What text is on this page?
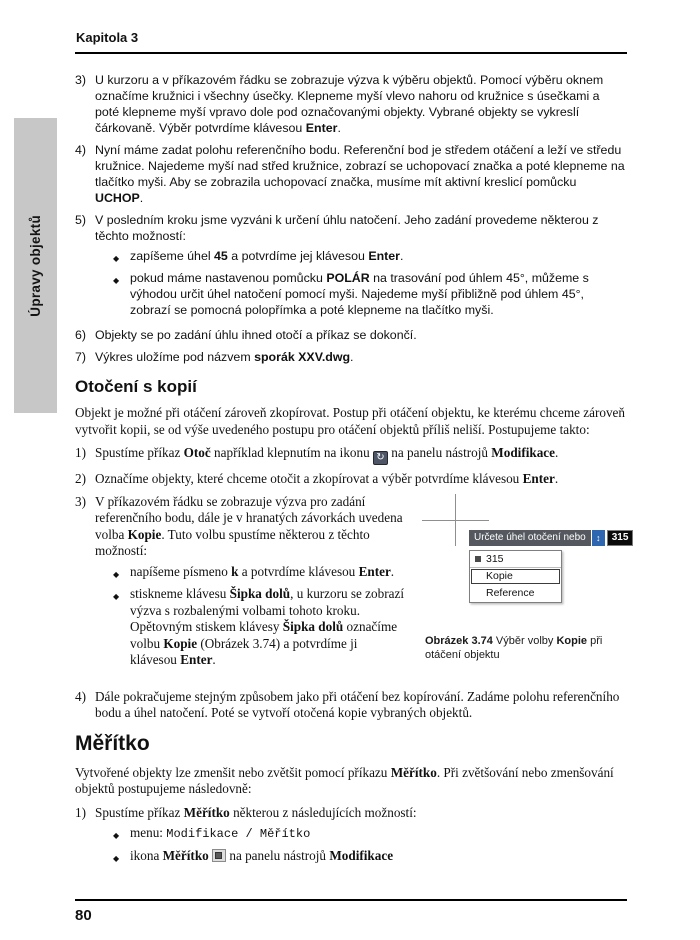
Kapitola 3
Úpravy objektů
3) U kurzoru a v příkazovém řádku se zobrazuje výzva k výběru objektů. Pomocí výběru oknem označíme kružnici i všechny úsečky. Klepneme myší vlevo nahoru od kružnice s úsečkami a poté klepneme myší vpravo dole pod označovanými objekty. Vybrané objekty se vykreslí čárkovaně. Výběr potvrdíme klávesou Enter.
4) Nyní máme zadat polohu referenčního bodu. Referenční bod je středem otáčení a leží ve středu kružnice. Najedeme myší nad střed kružnice, zobrazí se uchopovací značka a poté klepneme na tlačítko myši. Aby se zobrazila uchopovací značka, musíme mít aktivní kreslicí pomůcku UCHOP.
5) V posledním kroku jsme vyzváni k určení úhlu natočení. Jeho zadání provedeme některou z těchto možností:
◆ zapíšeme úhel 45 a potvrdíme jej klávesou Enter.
◆ pokud máme nastavenou pomůcku POLÁR na trasování pod úhlem 45°, můžeme s výhodou určit úhel natočení pomocí myši. Najedeme myší přibližně pod úhlem 45°, zobrazí se pomocná polopřímka a poté klepneme na tlačítko myši.
6) Objekty se po zadání úhlu ihned otočí a příkaz se dokončí.
7) Výkres uložíme pod názvem sporák XXV.dwg.
Otočení s kopií

Objekt je možné při otáčení zároveň zkopírovat. Postup při otáčení objektu, ke kterému chceme zároveň vytvořit kopii, se od výše uvedeného postupu pro otáčení objektů příliš neliší. Postupujeme takto:

1) Spustíme příkaz Otoč například klepnutím na ikonu ↻ na panelu nástrojů Modifikace.
2) Označíme objekty, které chceme otočit a zkopírovat a výběr potvrdíme klávesou Enter.
3) V příkazovém řádku se zobrazuje výzva pro zadání referenčního bodu, dále je v hranatých závorkách uvedena volba Kopie. Tuto volbu spustíme některou z těchto možností:
◆ napíšeme písmeno k a potvrdíme klávesou Enter.
◆ stiskneme klávesu Šipka dolů, u kurzoru se zobrazí výzva s rozbalenými volbami tohoto kroku. Opětovným stiskem klávesy Šipka dolů označíme volbu Kopie (Obrázek 3.74) a potvrdíme ji klávesou Enter.
Určete úhel otočení nebo	↕	315
315
Kopie
Reference
Obrázek 3.74 Výběr volby Kopie při otáčení objektu
4) Dále pokračujeme stejným způsobem jako při otáčení bez kopírování. Zadáme polohu referenčního bodu a úhel natočení. Poté se vytvoří otočená kopie vybraných objektů.
Měřítko

Vytvořené objekty lze zmenšit nebo zvětšit pomocí příkazu Měřítko. Při zvětšování nebo zmenšování objektů postupujeme následovně:

1) Spustíme příkaz Měřítko některou z následujících možností:
◆ menu: Modifikace / Měřítko
◆ ikona Měřítko  na panelu nástrojů Modifikace
80
